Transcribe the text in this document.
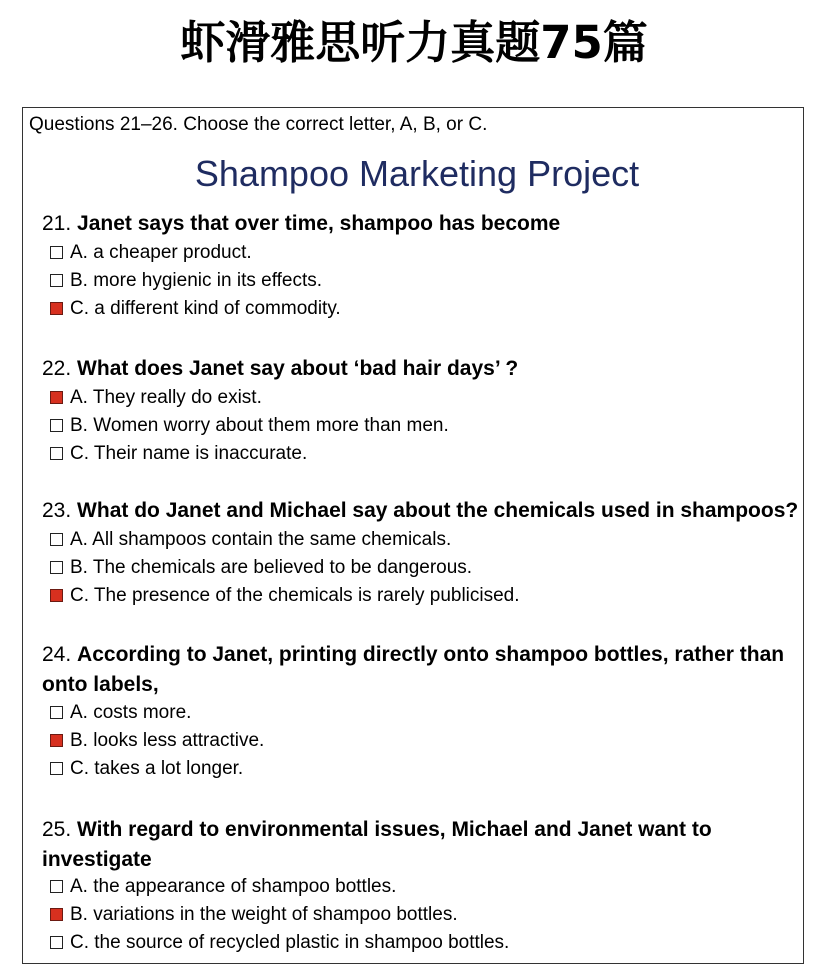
虾滑雅思听力真题75篇
Questions 21–26. Choose the correct letter, A, B, or C.
Shampoo Marketing Project
21. Janet says that over time, shampoo has become
A. a cheaper product.
B. more hygienic in its effects.
C. a different kind of commodity.
22. What does Janet say about ‘bad hair days’ ?
A. They really do exist.
B. Women worry about them more than men.
C. Their name is inaccurate.
23. What do Janet and Michael say about the chemicals used in shampoos?
A. All shampoos contain the same chemicals.
B. The chemicals are believed to be dangerous.
C. The presence of the chemicals is rarely publicised.
24. According to Janet, printing directly onto shampoo bottles, rather than onto labels,
A. costs more.
B. looks less attractive.
C. takes a lot longer.
25. With regard to environmental issues, Michael and Janet want to investigate
A. the appearance of shampoo bottles.
B. variations in the weight of shampoo bottles.
C. the source of recycled plastic in shampoo bottles.
